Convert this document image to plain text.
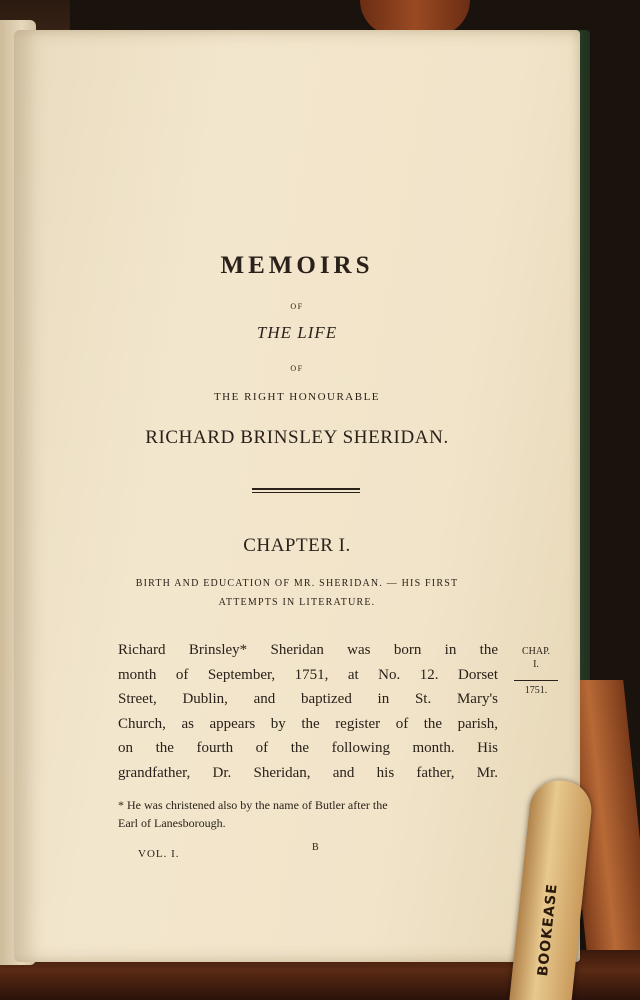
MEMOIRS
OF
THE LIFE
OF
THE RIGHT HONOURABLE
RICHARD BRINSLEY SHERIDAN.
CHAPTER I.
BIRTH AND EDUCATION OF MR. SHERIDAN. — HIS FIRST
ATTEMPTS IN LITERATURE.
Richard Brinsley* Sheridan was born in the
month of September, 1751, at No. 12. Dorset
Street, Dublin, and baptized in St. Mary's
Church, as appears by the register of the parish,
on the fourth of the following month. His
grandfather, Dr. Sheridan, and his father, Mr.
CHAP.
I.
1751.
* He was christened also by the name of Butler after the
Earl of Lanesborough.
VOL. I.
B
BOOKEASE
